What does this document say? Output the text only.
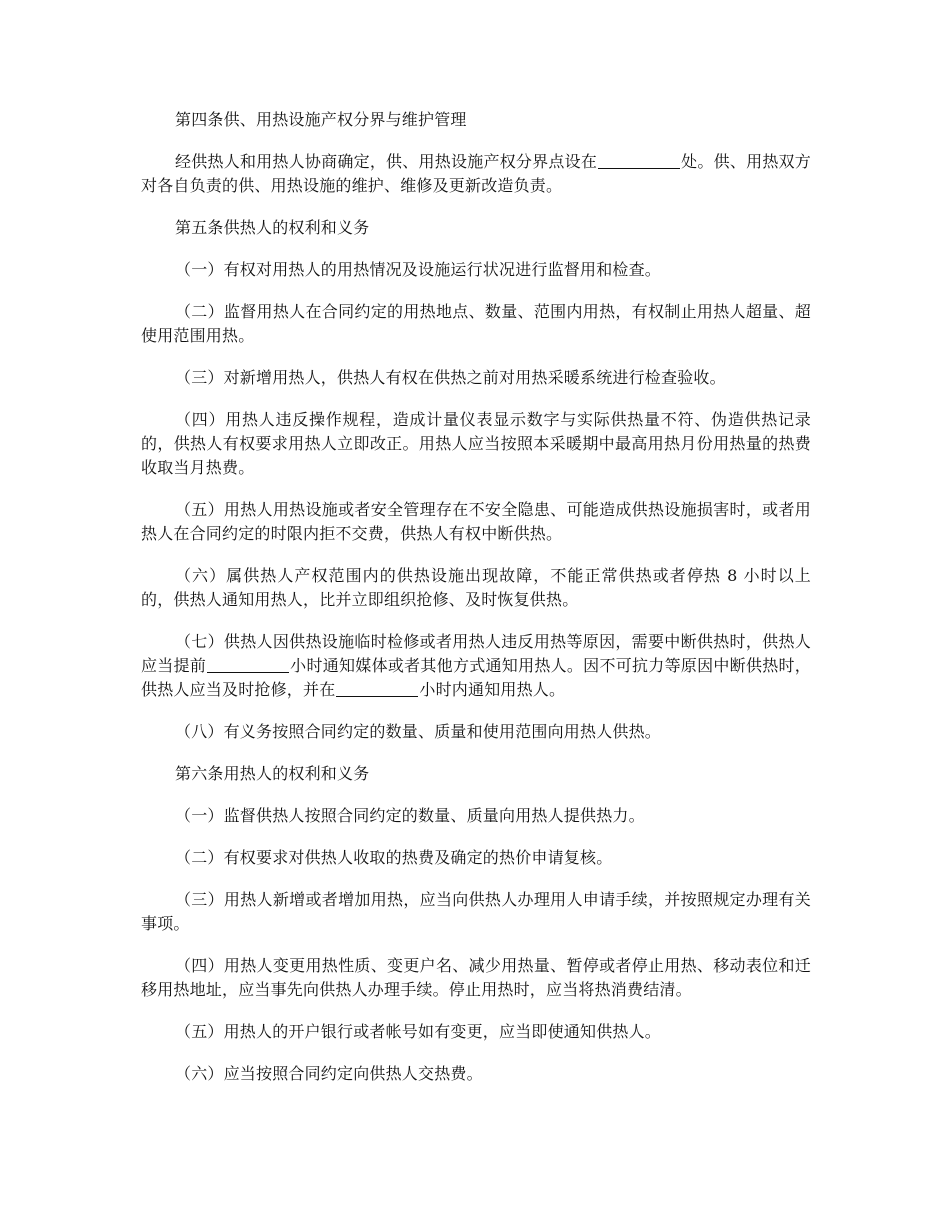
第四条供、用热设施产权分界与维护管理

经供热人和用热人协商确定，供、用热设施产权分界点设在	处。供、用热双方对各自负责的供、用热设施的维护、维修及更新改造负责。

第五条供热人的权利和义务

（一）有权对用热人的用热情况及设施运行状况进行监督用和检查。

（二）监督用热人在合同约定的用热地点、数量、范围内用热，有权制止用热人超量、超使用范围用热。

（三）对新增用热人，供热人有权在供热之前对用热采暖系统进行检查验收。

（四）用热人违反操作规程，造成计量仪表显示数字与实际供热量不符、伪造供热记录的，供热人有权要求用热人立即改正。用热人应当按照本采暖期中最高用热月份用热量的热费收取当月热费。

（五）用热人用热设施或者安全管理存在不安全隐患、可能造成供热设施损害时，或者用热人在合同约定的时限内拒不交费，供热人有权中断供热。

（六）属供热人产权范围内的供热设施出现故障，不能正常供热或者停热 8 小时以上的，供热人通知用热人，比并立即组织抢修、及时恢复供热。

（七）供热人因供热设施临时检修或者用热人违反用热等原因，需要中断供热时，供热人应当提前	小时通知媒体或者其他方式通知用热人。因不可抗力等原因中断供热时，供热人应当及时抢修，并在	小时内通知用热人。

（八）有义务按照合同约定的数量、质量和使用范围向用热人供热。

第六条用热人的权利和义务

（一）监督供热人按照合同约定的数量、质量向用热人提供热力。

（二）有权要求对供热人收取的热费及确定的热价申请复核。

（三）用热人新增或者增加用热，应当向供热人办理用人申请手续，并按照规定办理有关事项。

（四）用热人变更用热性质、变更户名、减少用热量、暂停或者停止用热、移动表位和迁移用热地址，应当事先向供热人办理手续。停止用热时，应当将热消费结清。

（五）用热人的开户银行或者帐号如有变更，应当即使通知供热人。

（六）应当按照合同约定向供热人交热费。
